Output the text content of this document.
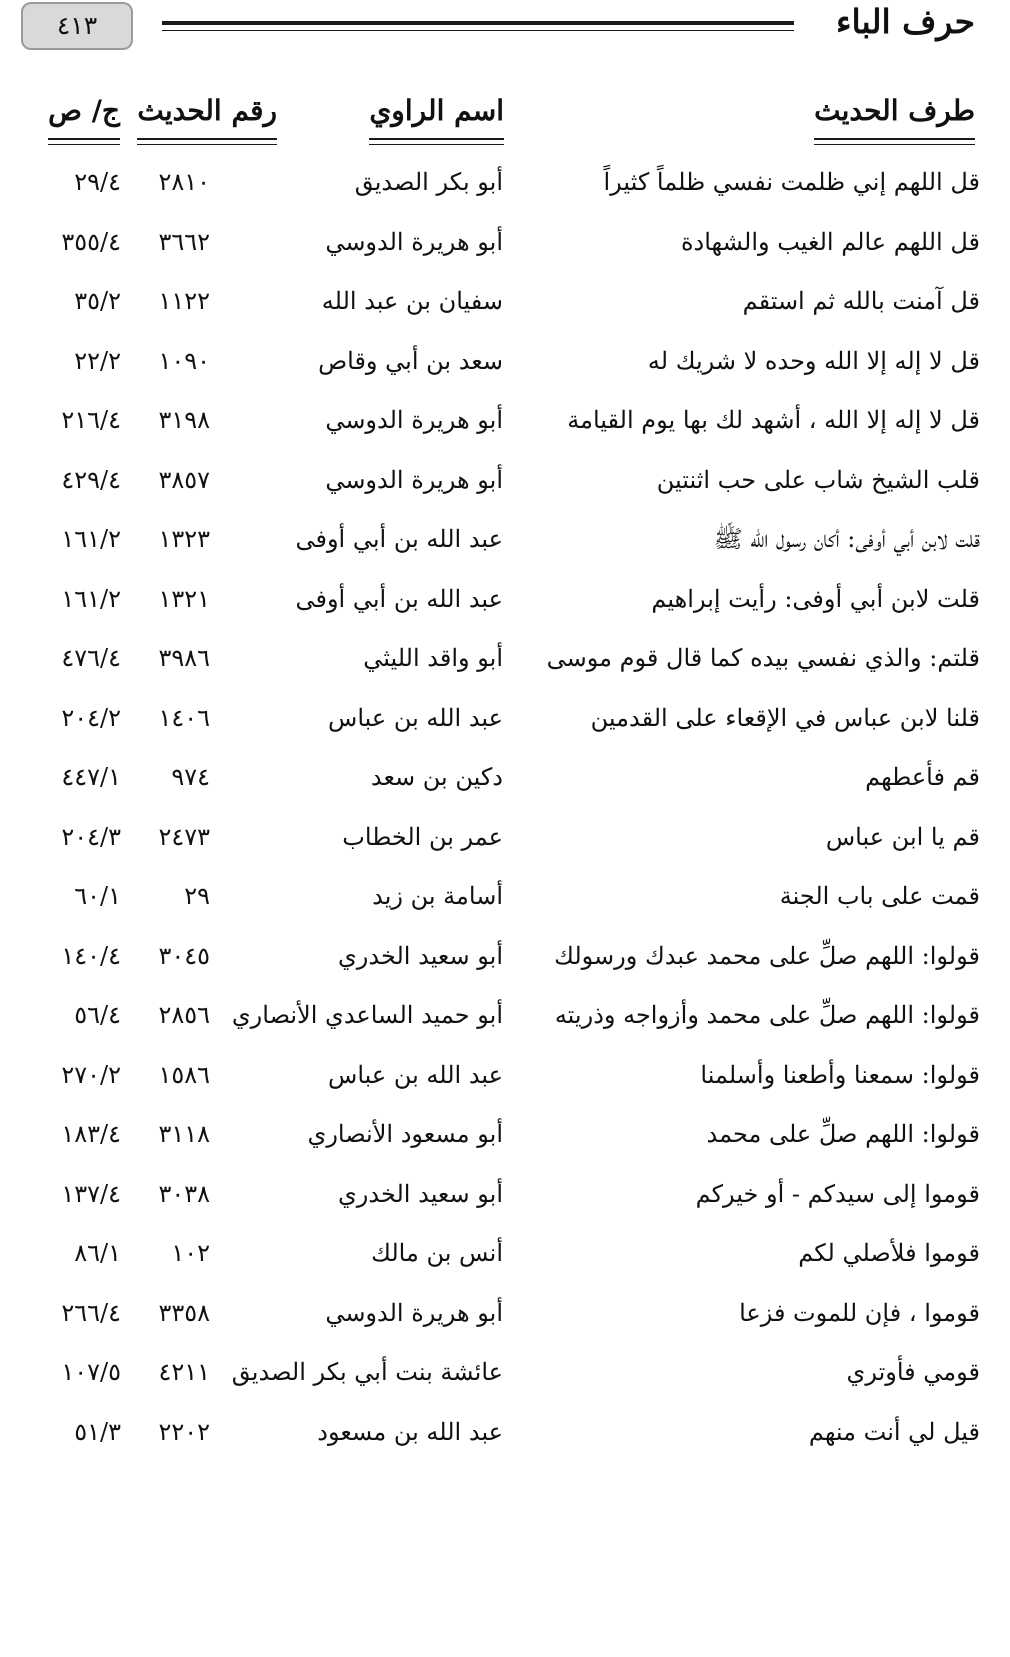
حرف الباء
٤١٣
طرف الحديث
اسم الراوي
رقم الحديث
ج/ ص
قل اللهم إني ظلمت نفسي ظلماً كثيراً
أبو بكر الصديق
٢٨١٠
٢٩/٤
قل اللهم عالم الغيب والشهادة
أبو هريرة الدوسي
٣٦٦٢
٣٥٥/٤
قل آمنت بالله ثم استقم
سفيان بن عبد الله
١١٢٢
٣٥/٢
قل لا إله إلا الله وحده لا شريك له
سعد بن أبي وقاص
١٠٩٠
٢٢/٢
قل لا إله إلا الله ، أشهد لك بها يوم القيامة
أبو هريرة الدوسي
٣١٩٨
٢١٦/٤
قلب الشيخ شاب على حب اثنتين
أبو هريرة الدوسي
٣٨٥٧
٤٢٩/٤
قلت لابن أبي أوفى: أكان رسول الله ﷺ
عبد الله بن أبي أوفى
١٣٢٣
١٦١/٢
قلت لابن أبي أوفى: رأيت إبراهيم
عبد الله بن أبي أوفى
١٣٢١
١٦١/٢
قلتم: والذي نفسي بيده كما قال قوم موسى
أبو واقد الليثي
٣٩٨٦
٤٧٦/٤
قلنا لابن عباس في الإقعاء على القدمين
عبد الله بن عباس
١٤٠٦
٢٠٤/٢
قم فأعطهم
دكين بن سعد
٩٧٤
٤٤٧/١
قم يا ابن عباس
عمر بن الخطاب
٢٤٧٣
٢٠٤/٣
قمت على باب الجنة
أسامة بن زيد
٢٩
٦٠/١
قولوا: اللهم صلِّ على محمد عبدك ورسولك
أبو سعيد الخدري
٣٠٤٥
١٤٠/٤
قولوا: اللهم صلِّ على محمد وأزواجه وذريته
أبو حميد الساعدي الأنصاري
٢٨٥٦
٥٦/٤
قولوا: سمعنا وأطعنا وأسلمنا
عبد الله بن عباس
١٥٨٦
٢٧٠/٢
قولوا: اللهم صلِّ على محمد
أبو مسعود الأنصاري
٣١١٨
١٨٣/٤
قوموا إلى سيدكم - أو خيركم
أبو سعيد الخدري
٣٠٣٨
١٣٧/٤
قوموا فلأصلي لكم
أنس بن مالك
١٠٢
٨٦/١
قوموا ، فإن للموت فزعا
أبو هريرة الدوسي
٣٣٥٨
٢٦٦/٤
قومي فأوتري
عائشة بنت أبي بكر الصديق
٤٢١١
١٠٧/٥
قيل لي أنت منهم
عبد الله بن مسعود
٢٢٠٢
٥١/٣
